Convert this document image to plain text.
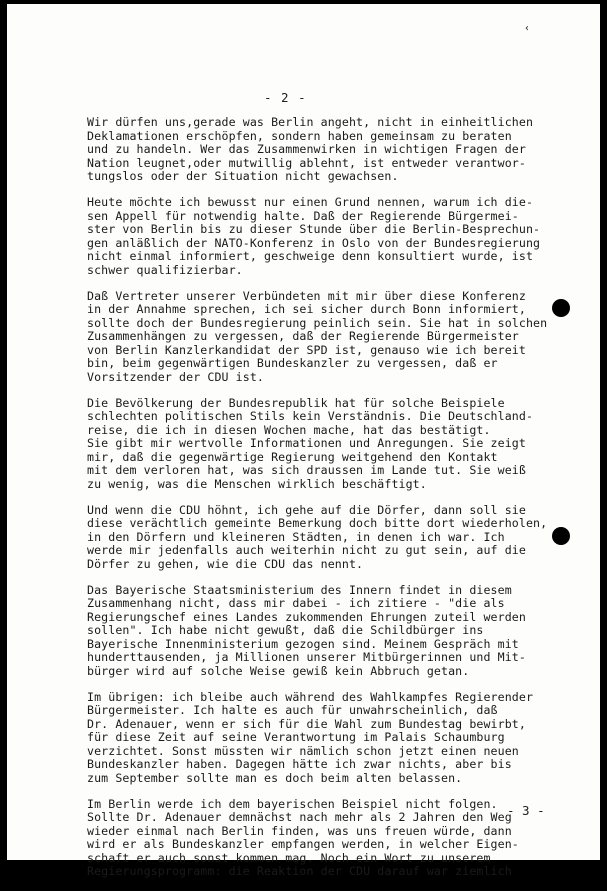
‹
- 2 -
Wir dürfen uns,gerade was Berlin angeht, nicht in einheitlichen
Deklamationen erschöpfen, sondern haben gemeinsam zu beraten
und zu handeln. Wer das Zusammenwirken in wichtigen Fragen der
Nation leugnet,oder mutwillig ablehnt, ist entweder verantwor-
tungslos oder der Situation nicht gewachsen.
Heute möchte ich bewusst nur einen Grund nennen, warum ich die-
sen Appell für notwendig halte. Daß der Regierende Bürgermei-
ster von Berlin bis zu dieser Stunde über die Berlin-Besprechun-
gen anläßlich der NATO-Konferenz in Oslo von der Bundesregierung
nicht einmal informiert, geschweige denn konsultiert wurde, ist
schwer qualifizierbar.
Daß Vertreter unserer Verbündeten mit mir über diese Konferenz
in der Annahme sprechen, ich sei sicher durch Bonn informiert,
sollte doch der Bundesregierung peinlich sein. Sie hat in solchen
Zusammenhängen zu vergessen, daß der Regierende Bürgermeister
von Berlin Kanzlerkandidat der SPD ist, genauso wie ich bereit
bin, beim gegenwärtigen Bundeskanzler zu vergessen, daß er
Vorsitzender der CDU ist.
Die Bevölkerung der Bundesrepublik hat für solche Beispiele
schlechten politischen Stils kein Verständnis. Die Deutschland-
reise, die ich in diesen Wochen mache, hat das bestätigt.
Sie gibt mir wertvolle Informationen und Anregungen. Sie zeigt
mir, daß die gegenwärtige Regierung weitgehend den Kontakt
mit dem verloren hat, was sich draussen im Lande tut. Sie weiß
zu wenig, was die Menschen wirklich beschäftigt.
Und wenn die CDU höhnt, ich gehe auf die Dörfer, dann soll sie
diese verächtlich gemeinte Bemerkung doch bitte dort wiederholen,
in den Dörfern und kleineren Städten, in denen ich war. Ich
werde mir jedenfalls auch weiterhin nicht zu gut sein, auf die
Dörfer zu gehen, wie die CDU das nennt.
Das Bayerische Staatsministerium des Innern findet in diesem
Zusammenhang nicht, dass mir dabei - ich zitiere - "die als
Regierungschef eines Landes zukommenden Ehrungen zuteil werden
sollen". Ich habe nicht gewußt, daß die Schildbürger ins
Bayerische Innenministerium gezogen sind. Meinem Gespräch mit
hunderttausenden, ja Millionen unserer Mitbürgerinnen und Mit-
bürger wird auf solche Weise gewiß kein Abbruch getan.
Im übrigen: ich bleibe auch während des Wahlkampfes Regierender
Bürgermeister. Ich halte es auch für unwahrscheinlich, daß
Dr. Adenauer, wenn er sich für die Wahl zum Bundestag bewirbt,
für diese Zeit auf seine Verantwortung im Palais Schaumburg
verzichtet. Sonst müssten wir nämlich schon jetzt einen neuen
Bundeskanzler haben. Dagegen hätte ich zwar nichts, aber bis
zum September sollte man es doch beim alten belassen.
Im Berlin werde ich dem bayerischen Beispiel nicht folgen.
Sollte Dr. Adenauer demnächst nach mehr als 2 Jahren den Weg
wieder einmal nach Berlin finden, was uns freuen würde, dann
wird er als Bundeskanzler empfangen werden, in welcher Eigen-
schaft er auch sonst kommen mag. Noch ein Wort zu unserem
Regierungsprogramm: die Reaktion der CDU darauf war ziemlich
- 3 -
